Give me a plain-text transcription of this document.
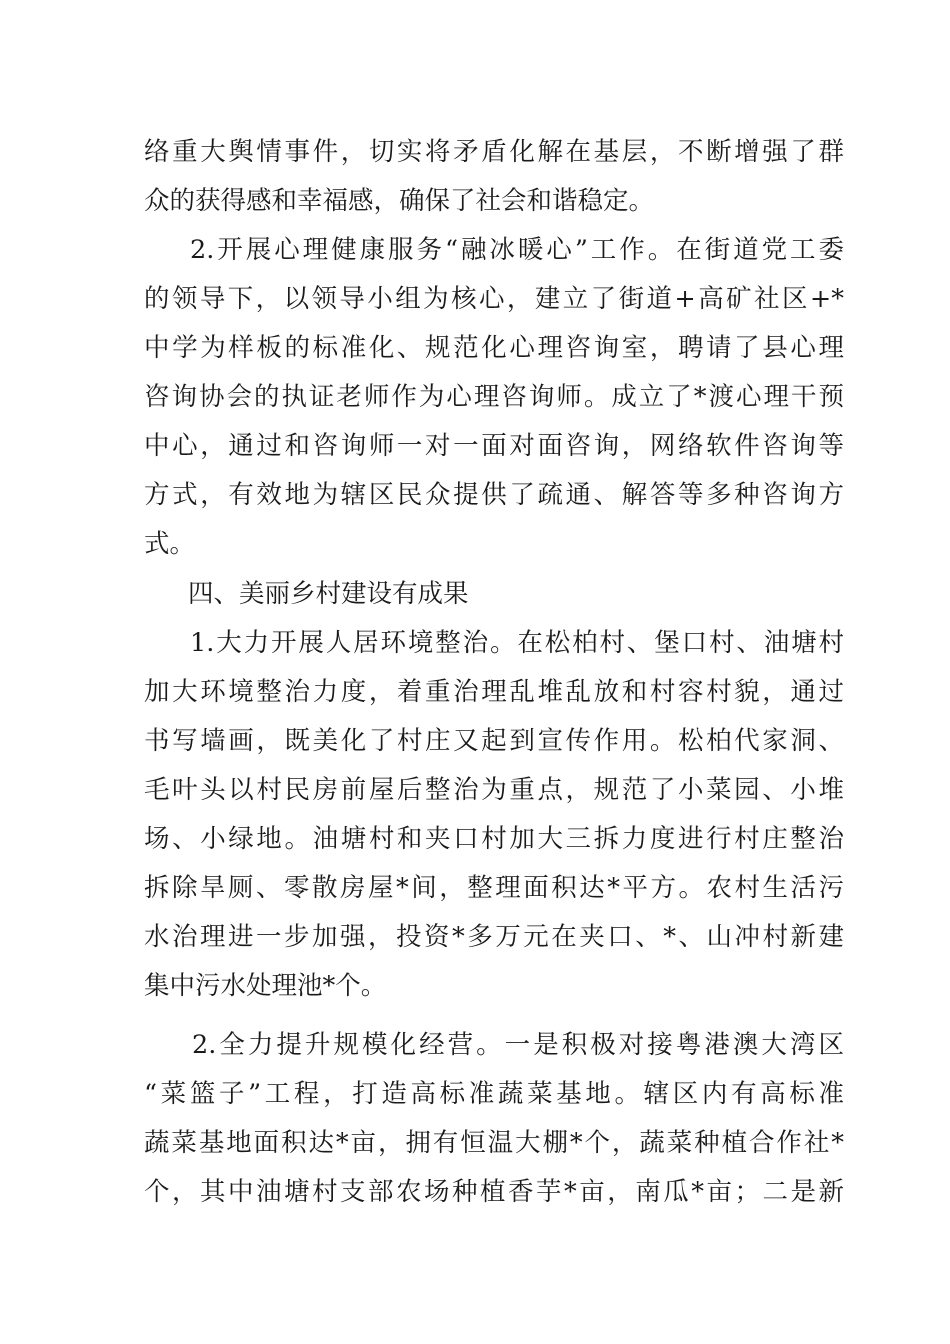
络重大舆情事件，切实将矛盾化解在基层，不断增强了群
众的获得感和幸福感，确保了社会和谐稳定。
2.开展心理健康服务“融冰暖心”工作。在街道党工委
的领导下，以领导小组为核心，建立了街道+高矿社区+*
中学为样板的标准化、规范化心理咨询室，聘请了县心理
咨询协会的执证老师作为心理咨询师。成立了*渡心理干预
中心，通过和咨询师一对一面对面咨询，网络软件咨询等
方式，有效地为辖区民众提供了疏通、解答等多种咨询方
式。
四、美丽乡村建设有成果
1.大力开展人居环境整治。在松柏村、堡口村、油塘村
加大环境整治力度，着重治理乱堆乱放和村容村貌，通过
书写墙画，既美化了村庄又起到宣传作用。松柏代家洞、
毛叶头以村民房前屋后整治为重点，规范了小菜园、小堆
场、小绿地。油塘村和夹口村加大三拆力度进行村庄整治
拆除旱厕、零散房屋*间，整理面积达*平方。农村生活污
水治理进一步加强，投资*多万元在夹口、*、山冲村新建
集中污水处理池*个。
2.全力提升规模化经营。一是积极对接粤港澳大湾区
“菜篮子”工程，打造高标准蔬菜基地。辖区内有高标准
蔬菜基地面积达*亩，拥有恒温大棚*个，蔬菜种植合作社*
个，其中油塘村支部农场种植香芋*亩，南瓜*亩；二是新
